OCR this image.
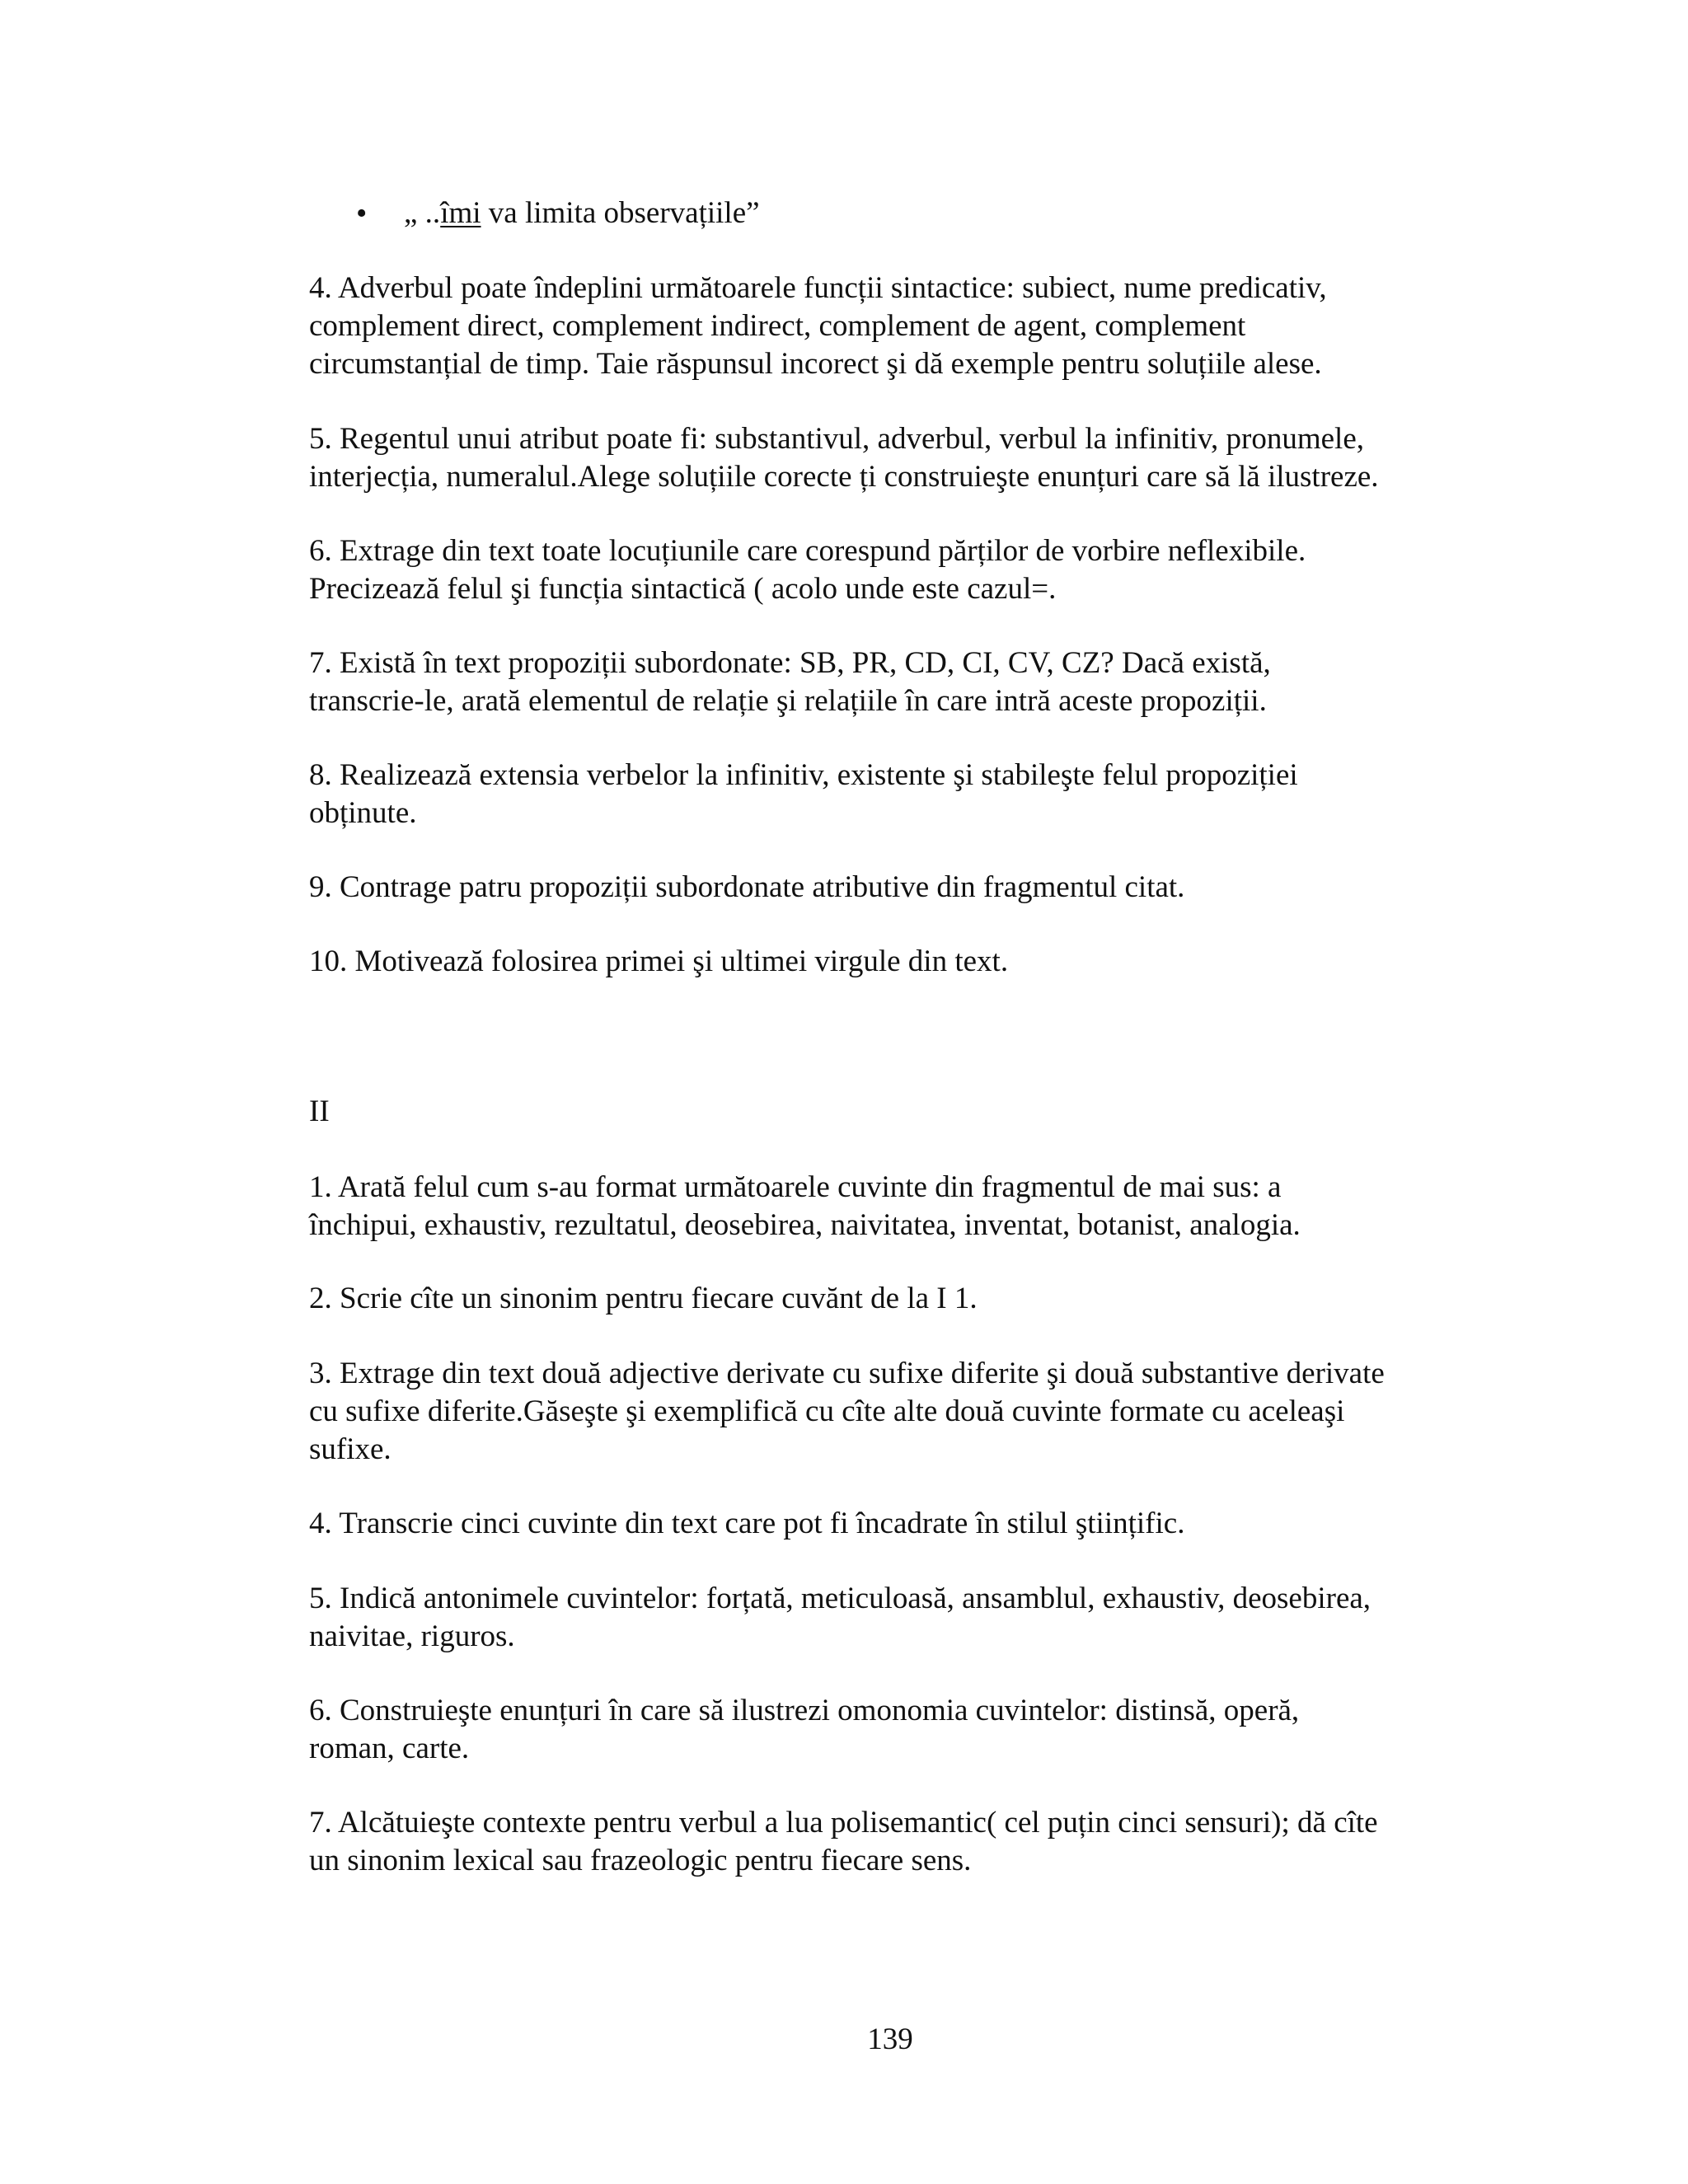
• „ ..îmi va limita observațiile”
4. Adverbul poate îndeplini următoarele funcții sintactice: subiect, nume predicativ,
complement direct, complement indirect, complement de agent, complement
circumstanțial de timp. Taie răspunsul incorect şi dă exemple pentru soluțiile alese.
5. Regentul unui atribut poate fi: substantivul, adverbul, verbul la infinitiv, pronumele,
interjecția, numeralul.Alege soluțiile corecte ți construieşte enunțuri care să lă ilustreze.
6. Extrage din text toate locuțiunile care corespund părților de vorbire neflexibile.
Precizează felul şi funcția sintactică ( acolo unde este cazul=.
7. Există în text propoziții subordonate: SB, PR, CD, CI, CV, CZ? Dacă există,
transcrie-le, arată elementul de relație şi relațiile în care intră aceste propoziții.
8. Realizează extensia verbelor la infinitiv, existente şi stabileşte felul propoziției
obținute.
9. Contrage patru propoziții subordonate atributive din fragmentul citat.
10. Motivează folosirea primei şi ultimei virgule din text.
II
1. Arată felul cum s-au format următoarele cuvinte din fragmentul de mai sus: a
închipui, exhaustiv, rezultatul, deosebirea, naivitatea, inventat, botanist, analogia.
2. Scrie cîte un sinonim pentru fiecare cuvănt de la I 1.
3. Extrage din text două adjective derivate cu sufixe diferite şi două substantive derivate
cu sufixe diferite.Găseşte şi exemplifică cu cîte alte două cuvinte formate cu aceleaşi
sufixe.
4. Transcrie cinci cuvinte din text care pot fi încadrate în stilul ştiințific.
5. Indică antonimele cuvintelor: forțată, meticuloasă, ansamblul, exhaustiv, deosebirea,
naivitae, riguros.
6. Construieşte enunțuri în care să ilustrezi omonomia cuvintelor: distinsă, operă,
roman, carte.
7. Alcătuieşte contexte pentru verbul a lua polisemantic( cel puțin cinci sensuri); dă cîte
un sinonim lexical sau frazeologic pentru fiecare sens.
139
